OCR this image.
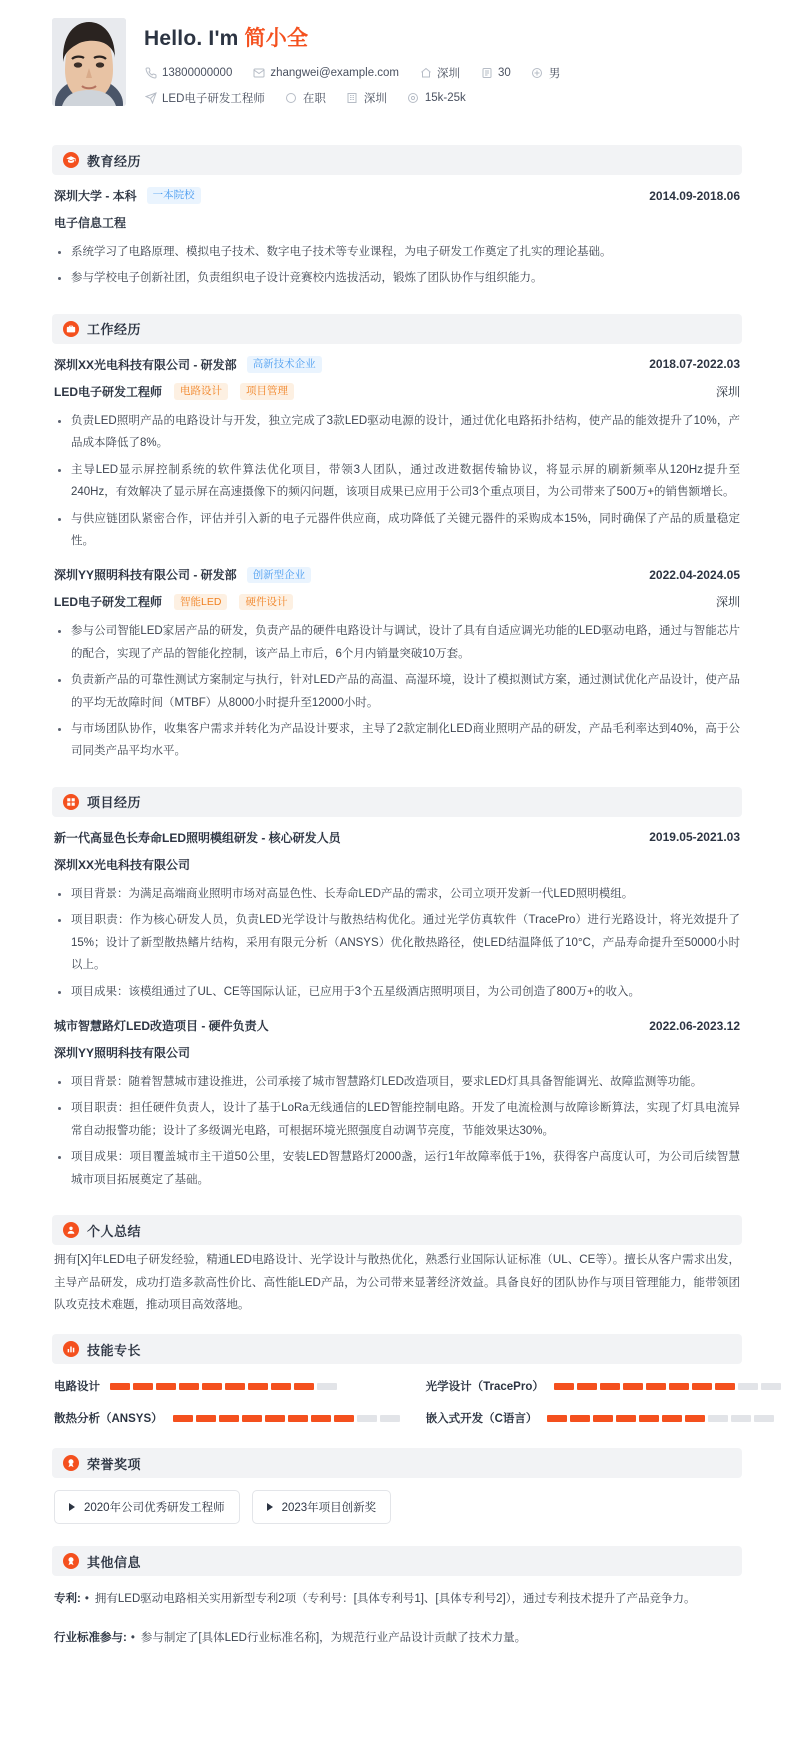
Hello. I'm 简小全
13800000000	zhangwei@example.com	深圳	30	男
LED电子研发工程师	在职	深圳	15k-25k
教育经历
深圳大学 - 本科	一本院校	2014.09-2018.06
电子信息工程
系统学习了电路原理、模拟电子技术、数字电子技术等专业课程，为电子研发工作奠定了扎实的理论基础。
参与学校电子创新社团，负责组织电子设计竞赛校内选拔活动，锻炼了团队协作与组织能力。
工作经历
深圳XX光电科技有限公司 - 研发部	高新技术企业	2018.07-2022.03
LED电子研发工程师	电路设计	项目管理	深圳
负责LED照明产品的电路设计与开发，独立完成了3款LED驱动电源的设计，通过优化电路拓扑结构，使产品的能效提升了10%，产品成本降低了8%。
主导LED显示屏控制系统的软件算法优化项目，带领3人团队，通过改进数据传输协议，将显示屏的刷新频率从120Hz提升至240Hz，有效解决了显示屏在高速摄像下的频闪问题，该项目成果已应用于公司3个重点项目，为公司带来了500万+的销售额增长。
与供应链团队紧密合作，评估并引入新的电子元器件供应商，成功降低了关键元器件的采购成本15%，同时确保了产品的质量稳定性。
深圳YY照明科技有限公司 - 研发部	创新型企业	2022.04-2024.05
LED电子研发工程师	智能LED	硬件设计	深圳
参与公司智能LED家居产品的研发，负责产品的硬件电路设计与调试，设计了具有自适应调光功能的LED驱动电路，通过与智能芯片的配合，实现了产品的智能化控制，该产品上市后，6个月内销量突破10万套。
负责新产品的可靠性测试方案制定与执行，针对LED产品的高温、高湿环境，设计了模拟测试方案，通过测试优化产品设计，使产品的平均无故障时间（MTBF）从8000小时提升至12000小时。
与市场团队协作，收集客户需求并转化为产品设计要求，主导了2款定制化LED商业照明产品的研发，产品毛利率达到40%，高于公司同类产品平均水平。
项目经历
新一代高显色长寿命LED照明模组研发 - 核心研发人员	2019.05-2021.03
深圳XX光电科技有限公司
项目背景：为满足高端商业照明市场对高显色性、长寿命LED产品的需求，公司立项开发新一代LED照明模组。
项目职责：作为核心研发人员，负责LED光学设计与散热结构优化。通过光学仿真软件（TracePro）进行光路设计，将光效提升了15%；设计了新型散热鳍片结构，采用有限元分析（ANSYS）优化散热路径，使LED结温降低了10°C，产品寿命提升至50000小时以上。
项目成果：该模组通过了UL、CE等国际认证，已应用于3个五星级酒店照明项目，为公司创造了800万+的收入。
城市智慧路灯LED改造项目 - 硬件负责人	2022.06-2023.12
深圳YY照明科技有限公司
项目背景：随着智慧城市建设推进，公司承接了城市智慧路灯LED改造项目，要求LED灯具具备智能调光、故障监测等功能。
项目职责：担任硬件负责人，设计了基于LoRa无线通信的LED智能控制电路。开发了电流检测与故障诊断算法，实现了灯具电流异常自动报警功能；设计了多级调光电路，可根据环境光照强度自动调节亮度，节能效果达30%。
项目成果：项目覆盖城市主干道50公里，安装LED智慧路灯2000盏，运行1年故障率低于1%，获得客户高度认可，为公司后续智慧城市项目拓展奠定了基础。
个人总结
拥有[X]年LED电子研发经验，精通LED电路设计、光学设计与散热优化，熟悉行业国际认证标准（UL、CE等）。擅长从客户需求出发，主导产品研发，成功打造多款高性价比、高性能LED产品，为公司带来显著经济效益。具备良好的团队协作与项目管理能力，能带领团队攻克技术难题，推动项目高效落地。
技能专长
电路设计	光学设计（TracePro）
散热分析（ANSYS）	嵌入式开发（C语言）
荣誉奖项
2020年公司优秀研发工程师	2023年项目创新奖
其他信息
专利: • 拥有LED驱动电路相关实用新型专利2项（专利号：[具体专利号1]、[具体专利号2]），通过专利技术提升了产品竞争力。
行业标准参与: • 参与制定了[具体LED行业标准名称]，为规范行业产品设计贡献了技术力量。
